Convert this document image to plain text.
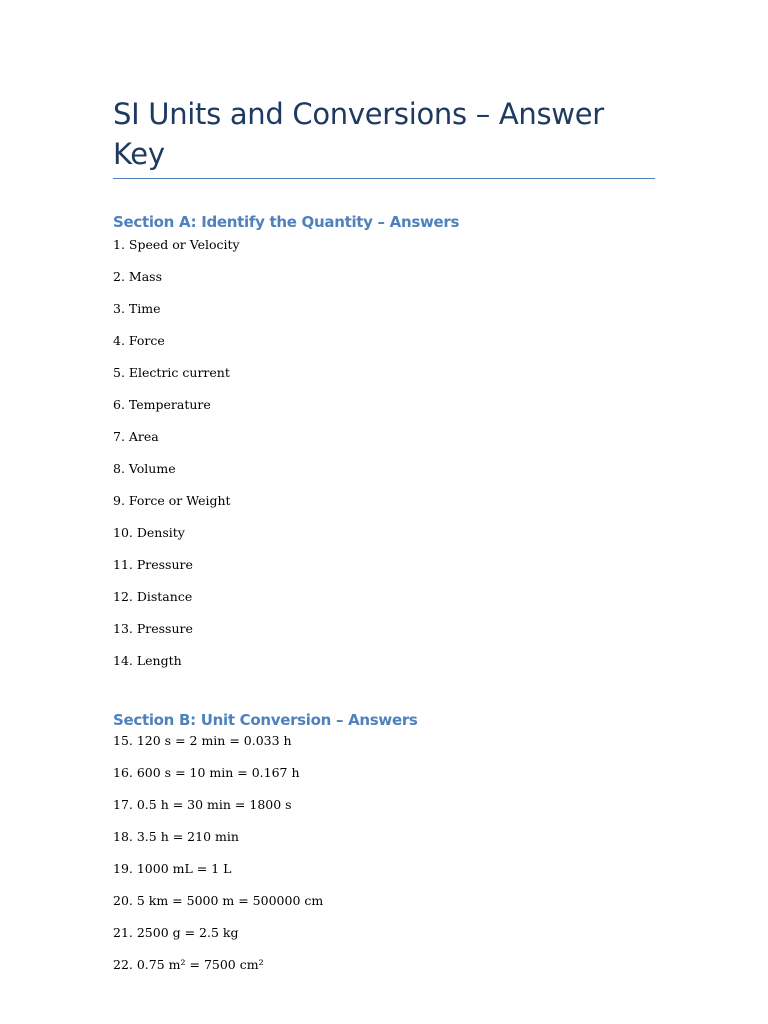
SI Units and Conversions – Answer Key
Section A: Identify the Quantity – Answers
1. Speed or Velocity
2. Mass
3. Time
4. Force
5. Electric current
6. Temperature
7. Area
8. Volume
9. Force or Weight
10. Density
11. Pressure
12. Distance
13. Pressure
14. Length
Section B: Unit Conversion – Answers
15. 120 s = 2 min = 0.033 h
16. 600 s = 10 min = 0.167 h
17. 0.5 h = 30 min = 1800 s
18. 3.5 h = 210 min
19. 1000 mL = 1 L
20. 5 km = 5000 m = 500000 cm
21. 2500 g = 2.5 kg
22. 0.75 m² = 7500 cm²
